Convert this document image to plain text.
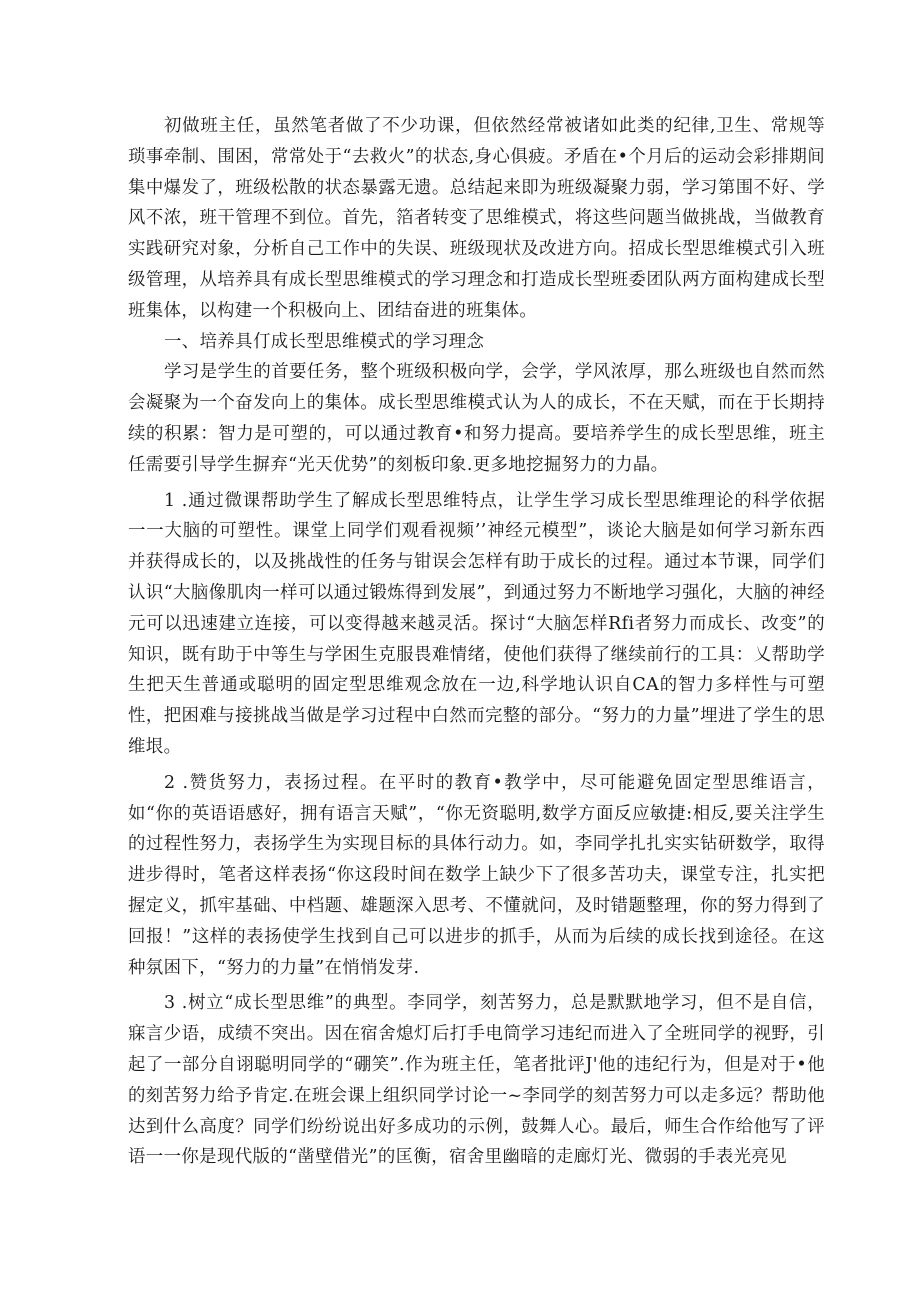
初做班主任，虽然笔者做了不少功课，但依然经常被诸如此类的纪律,卫生、常规等琐事牵制、围困，常常处于“去救火”的状态,身心俱疲。矛盾在•个月后的运动会彩排期间集中爆发了，班级松散的状态暴露无遗。总结起来即为班级凝聚力弱，学习第围不好、学风不浓，班干管理不到位。首先，箔者转变了思维模式，将这些问题当做挑战，当做教育实践研究对象，分析自己工作中的失误、班级现状及改进方向。招成长型思维模式引入班级管理，从培养具有成长型思维模式的学习理念和打造成长型班委团队两方面构建成长型班集体，以构建一个积极向上、团结奋进的班集体。

一、培养具仃成长型思维模式的学习理念

学习是学生的首要任务，整个班级积极向学，会学，学风浓厚，那么班级也自然而然会凝聚为一个奋发向上的集体。成长型思维模式认为人的成长，不在天赋，而在于长期持续的积累：智力是可塑的，可以通过教育•和努力提高。要培养学生的成长型思维，班主任需要引导学生摒弃“光天优势”的刻板印象.更多地挖掘努力的力晶。

1 .通过微课帮助学生了解成长型思维特点，让学生学习成长型思维理论的科学依据一一大脑的可塑性。课堂上同学们观看视频’’神经元模型”，谈论大脑是如何学习新东西并获得成长的，以及挑战性的任务与钳误会怎样有助于成长的过程。通过本节课，同学们认识“大脑像肌肉一样可以通过锻炼得到发展”，到通过努力不断地学习强化，大脑的神经元可以迅速建立连接，可以变得越来越灵活。探讨“大脑怎样Rfi者努力而成长、改变”的知识，既有助于中等生与学困生克服畏难情绪，使他们获得了继续前行的工具：乂帮助学生把天生普通或聪明的固定型思维观念放在一边,科学地认识自CA的智力多样性与可塑性，把困难与接挑战当做是学习过程中白然而完整的部分。“努力的力量”埋进了学生的思维垠。

2 .赞货努力，表扬过程。在平时的教育•教学中，尽可能避免固定型思维语言，如“你的英语语感好，拥有语言天赋”，“你无资聪明,数学方面反应敏捷:相反,要关注学生的过程性努力，表扬学生为实现目标的具体行动力。如，李同学扎扎实实钻研数学，取得进步得时，笔者这样表扬“你这段时间在数学上缺少下了很多苦功夫，课堂专注，扎实把握定义，抓牢基础、中档题、雄题深入思考、不懂就问，及时错题整理，你的努力得到了回报！”这样的表扬使学生找到自己可以进步的抓手，从而为后续的成长找到途径。在这种氛困下，“努力的力量”在悄悄发芽.

3 .树立“成长型思维”的典型。李同学，刻苦努力，总是默默地学习，但不是自信，寐言少语，成绩不突出。因在宿舍熄灯后打手电筒学习违纪而进入了全班同学的视野，引起了一部分自诩聪明同学的“硼笑”.作为班主任，笔者批评J'他的违纪行为，但是对于•他的刻苦努力给予肯定.在班会课上组织同学讨论一~李同学的刻苦努力可以走多远？帮助他达到什么高度？同学们纷纷说出好多成功的示例，鼓舞人心。最后，师生合作给他写了评语一一你是现代版的“凿壁借光”的匡衡，宿舍里幽暗的走廊灯光、微弱的手表光亮见
